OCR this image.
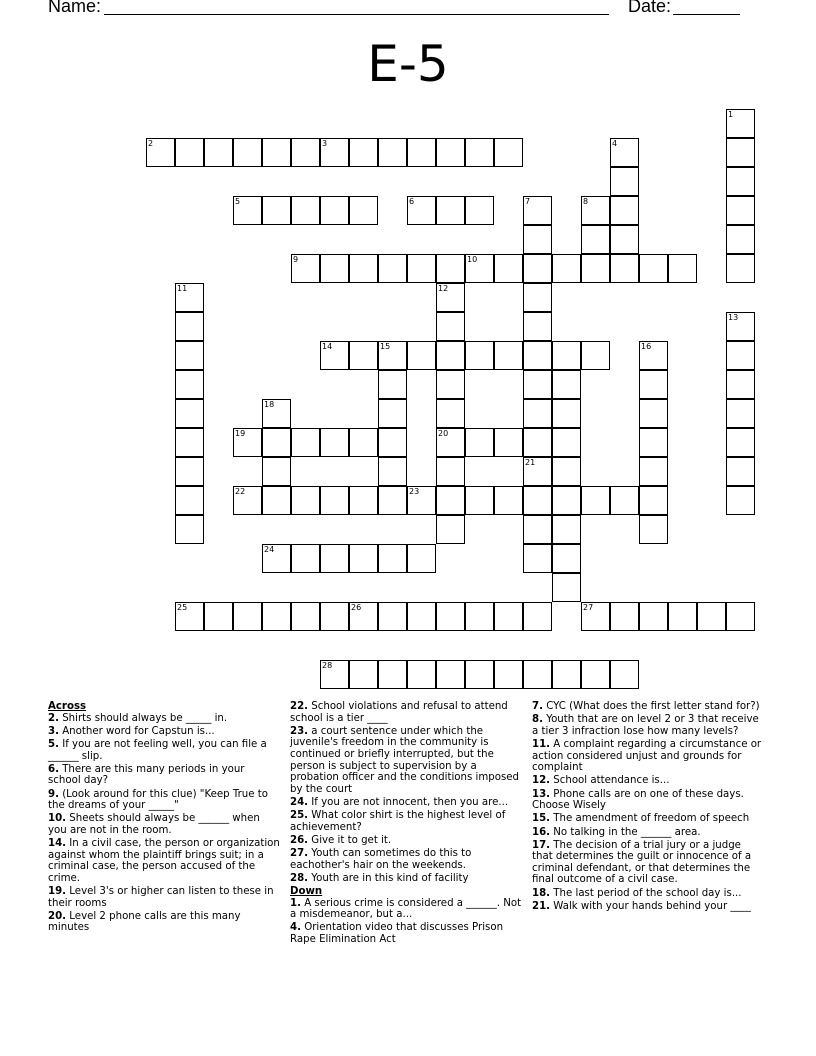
Name:	Date:
E-5
1
2	3	4
5	6	7
21
8
9	10
11	12
20
13
14	15	16
18
19
22	23
24
25	26	27
28
Across
2. Shirts should always be _____ in.
3. Another word for Capstun is...
5. If you are not feeling well, you can file a ______ slip.
6. There are this many periods in your school day?
9. (Look around for this clue) "Keep True to the dreams of your _____"
10. Sheets should always be ______ when you are not in the room.
14. In a civil case, the person or organization against whom the plaintiff brings suit; in a criminal case, the person accused of the crime.
19. Level 3's or higher can listen to these in their rooms
20. Level 2 phone calls are this many minutes
22. School violations and refusal to attend school is a tier ____
23. a court sentence under which the juvenile's freedom in the community is continued or briefly interrupted, but the person is subject to supervision by a probation officer and the conditions imposed by the court
24. If you are not innocent, then you are...
25. What color shirt is the highest level of achievement?
26. Give it to get it.
27. Youth can sometimes do this to eachother's hair on the weekends.
28. Youth are in this kind of facility
Down
1. A serious crime is considered a ______. Not a misdemeanor, but a...
4. Orientation video that discusses Prison Rape Elimination Act
7. CYC (What does the first letter stand for?)
8. Youth that are on level 2 or 3 that receive a tier 3 infraction lose how many levels?
11. A complaint regarding a circumstance or action considered unjust and grounds for complaint
12. School attendance is...
13. Phone calls are on one of these days. Choose Wisely
15. The amendment of freedom of speech
16. No talking in the ______ area.
17. The decision of a trial jury or a judge that determines the guilt or innocence of a criminal defendant, or that determines the final outcome of a civil case.
18. The last period of the school day is...
21. Walk with your hands behind your ____
